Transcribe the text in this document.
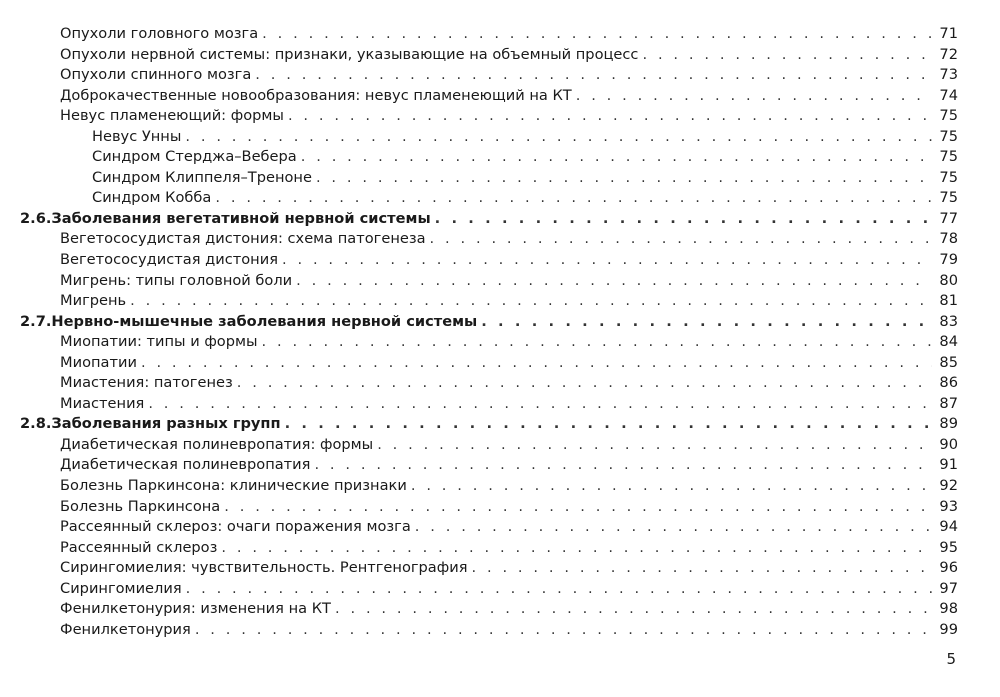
Опухоли головного мозга . . .	71
Опухоли нервной системы: признаки, указывающие на объемный процесс . . .	72
Опухоли спинного мозга . . .	73
Доброкачественные новообразования: невус пламенеющий на КТ . . .	74
Невус пламенеющий: формы . . .	75
Невус Унны . . .	75
Синдром Стерджа–Вебера . . .	75
Синдром Клиппеля–Треноне . . .	75
Синдром Кобба . . .	75
2.6. Заболевания вегетативной нервной системы . . .	77
Вегетососудистая дистония: схема патогенеза . . .	78
Вегетососудистая дистония . . .	79
Мигрень: типы головной боли . . .	80
Мигрень . . .	81
2.7. Нервно-мышечные заболевания нервной системы . . .	83
Миопатии: типы и формы . . .	84
Миопатии . . .	85
Миастения: патогенез . . .	86
Миастения . . .	87
2.8. Заболевания разных групп . . .	89
Диабетическая полиневропатия: формы . . .	90
Диабетическая полиневропатия . . .	91
Болезнь Паркинсона: клинические признаки . . .	92
Болезнь Паркинсона . . .	93
Рассеянный склероз: очаги поражения мозга . . .	94
Рассеянный склероз . . .	95
Сирингомиелия: чувствительность. Рентгенография . . .	96
Сирингомиелия . . .	97
Фенилкетонурия: изменения на КТ . . .	98
Фенилкетонурия . . .	99
5
